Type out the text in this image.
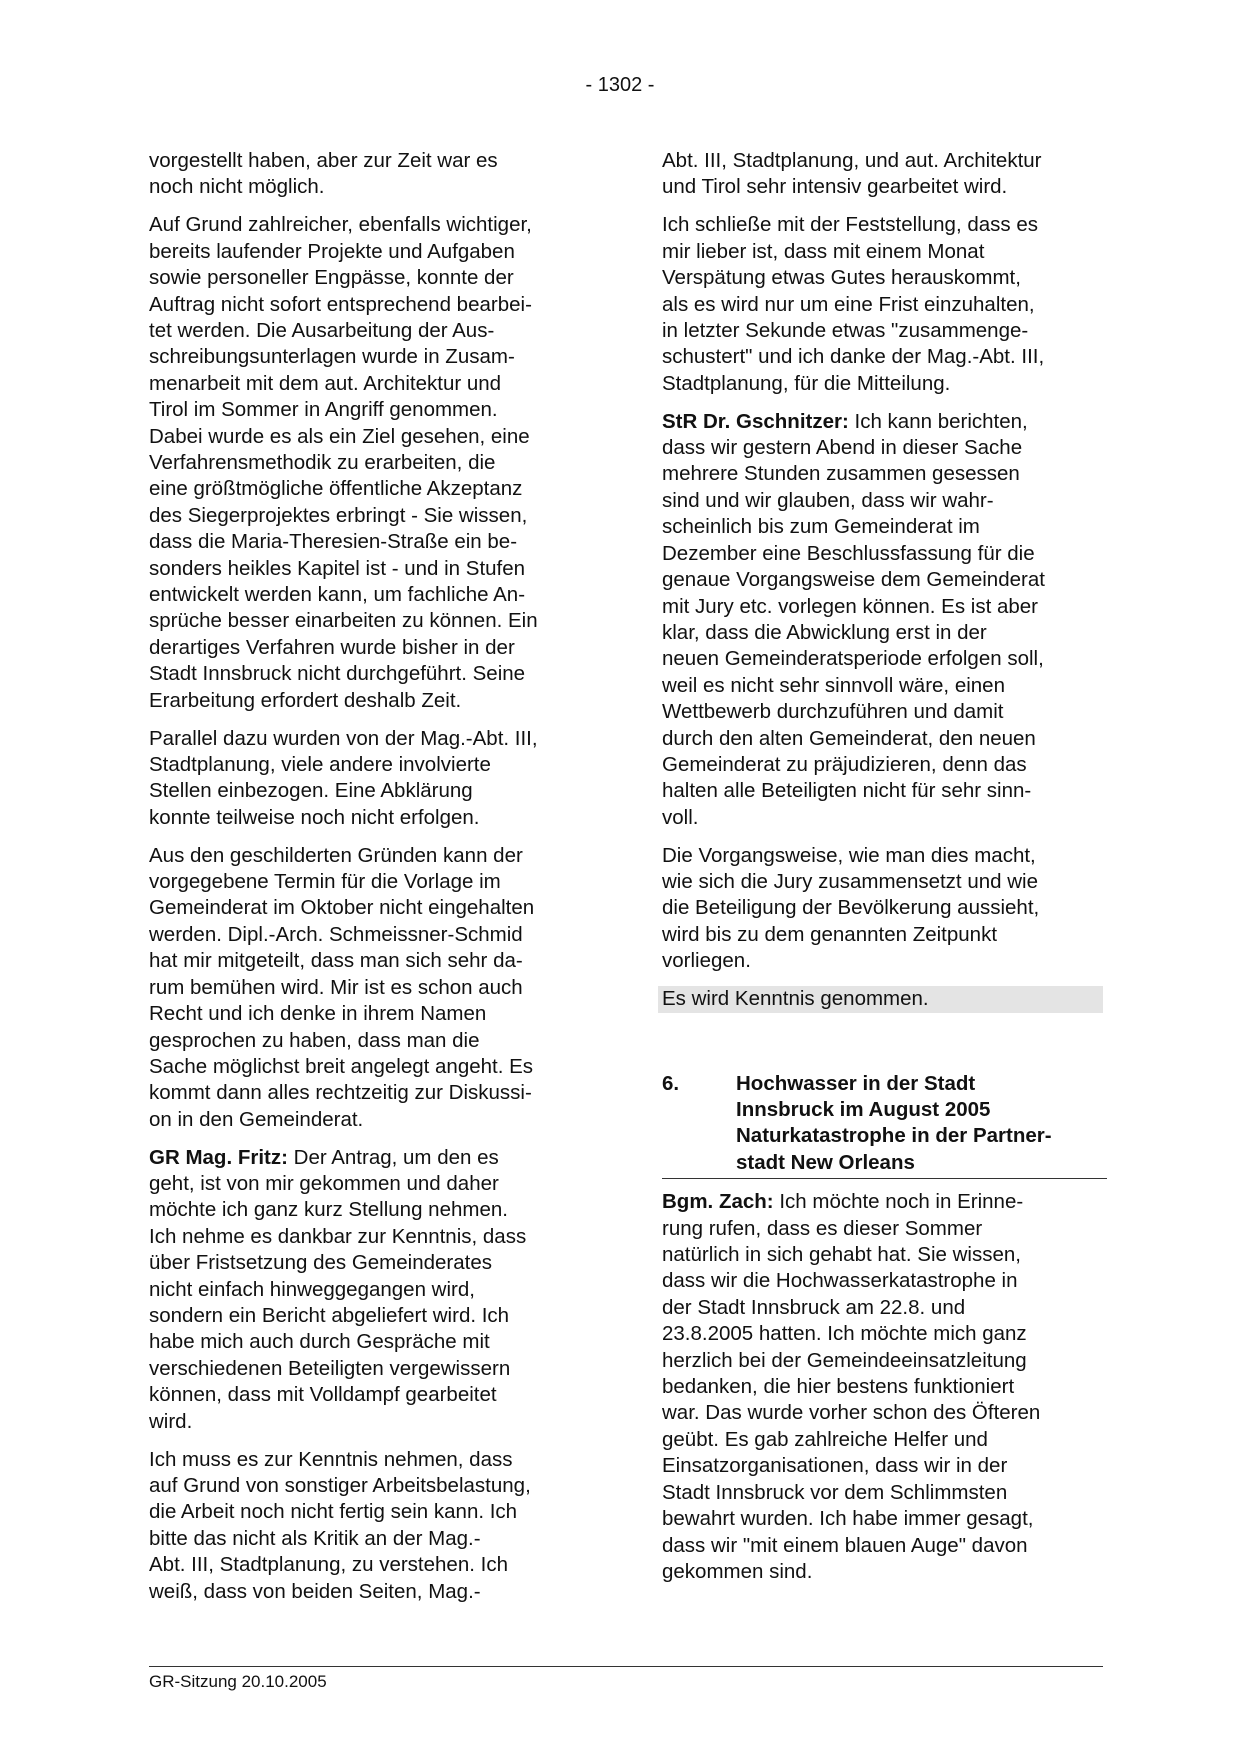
- 1302 -

vorgestellt haben, aber zur Zeit war es
noch nicht möglich.

Auf Grund zahlreicher, ebenfalls wichtiger,
bereits laufender Projekte und Aufgaben
sowie personeller Engpässe, konnte der
Auftrag nicht sofort entsprechend bearbei-
tet werden. Die Ausarbeitung der Aus-
schreibungsunterlagen wurde in Zusam-
menarbeit mit dem aut. Architektur und
Tirol im Sommer in Angriff genommen.
Dabei wurde es als ein Ziel gesehen, eine
Verfahrensmethodik zu erarbeiten, die
eine größtmögliche öffentliche Akzeptanz
des Siegerprojektes erbringt - Sie wissen,
dass die Maria-Theresien-Straße ein be-
sonders heikles Kapitel ist - und in Stufen
entwickelt werden kann, um fachliche An-
sprüche besser einarbeiten zu können. Ein
derartiges Verfahren wurde bisher in der
Stadt Innsbruck nicht durchgeführt. Seine
Erarbeitung erfordert deshalb Zeit.

Parallel dazu wurden von der Mag.-Abt. III,
Stadtplanung, viele andere involvierte
Stellen einbezogen. Eine Abklärung
konnte teilweise noch nicht erfolgen.

Aus den geschilderten Gründen kann der
vorgegebene Termin für die Vorlage im
Gemeinderat im Oktober nicht eingehalten
werden. Dipl.-Arch. Schmeissner-Schmid
hat mir mitgeteilt, dass man sich sehr da-
rum bemühen wird. Mir ist es schon auch
Recht und ich denke in ihrem Namen
gesprochen zu haben, dass man die
Sache möglichst breit angelegt angeht. Es
kommt dann alles rechtzeitig zur Diskussi-
on in den Gemeinderat.

GR Mag. Fritz: Der Antrag, um den es
geht, ist von mir gekommen und daher
möchte ich ganz kurz Stellung nehmen.
Ich nehme es dankbar zur Kenntnis, dass
über Fristsetzung des Gemeinderates
nicht einfach hinweggegangen wird,
sondern ein Bericht abgeliefert wird. Ich
habe mich auch durch Gespräche mit
verschiedenen Beteiligten vergewissern
können, dass mit Volldampf gearbeitet
wird.

Ich muss es zur Kenntnis nehmen, dass
auf Grund von sonstiger Arbeitsbelastung,
die Arbeit noch nicht fertig sein kann. Ich
bitte das nicht als Kritik an der Mag.-
Abt. III, Stadtplanung, zu verstehen. Ich
weiß, dass von beiden Seiten, Mag.-

Abt. III, Stadtplanung, und aut. Architektur
und Tirol sehr intensiv gearbeitet wird.

Ich schließe mit der Feststellung, dass es
mir lieber ist, dass mit einem Monat
Verspätung etwas Gutes herauskommt,
als es wird nur um eine Frist einzuhalten,
in letzter Sekunde etwas "zusammenge-
schustert" und ich danke der Mag.-Abt. III,
Stadtplanung, für die Mitteilung.

StR Dr. Gschnitzer: Ich kann berichten,
dass wir gestern Abend in dieser Sache
mehrere Stunden zusammen gesessen
sind und wir glauben, dass wir wahr-
scheinlich bis zum Gemeinderat im
Dezember eine Beschlussfassung für die
genaue Vorgangsweise dem Gemeinderat
mit Jury etc. vorlegen können. Es ist aber
klar, dass die Abwicklung erst in der
neuen Gemeinderatsperiode erfolgen soll,
weil es nicht sehr sinnvoll wäre, einen
Wettbewerb durchzuführen und damit
durch den alten Gemeinderat, den neuen
Gemeinderat zu präjudizieren, denn das
halten alle Beteiligten nicht für sehr sinn-
voll.

Die Vorgangsweise, wie man dies macht,
wie sich die Jury zusammensetzt und wie
die Beteiligung der Bevölkerung aussieht,
wird bis zu dem genannten Zeitpunkt
vorliegen.

Es wird Kenntnis genommen.

6.	Hochwasser in der Stadt
Innsbruck im August 2005
Naturkatastrophe in der Partner-
stadt New Orleans

Bgm. Zach: Ich möchte noch in Erinne-
rung rufen, dass es dieser Sommer
natürlich in sich gehabt hat. Sie wissen,
dass wir die Hochwasserkatastrophe in
der Stadt Innsbruck am 22.8. und
23.8.2005 hatten. Ich möchte mich ganz
herzlich bei der Gemeindeeinsatzleitung
bedanken, die hier bestens funktioniert
war. Das wurde vorher schon des Öfteren
geübt. Es gab zahlreiche Helfer und
Einsatzorganisationen, dass wir in der
Stadt Innsbruck vor dem Schlimmsten
bewahrt wurden. Ich habe immer gesagt,
dass wir "mit einem blauen Auge" davon
gekommen sind.

GR-Sitzung 20.10.2005
